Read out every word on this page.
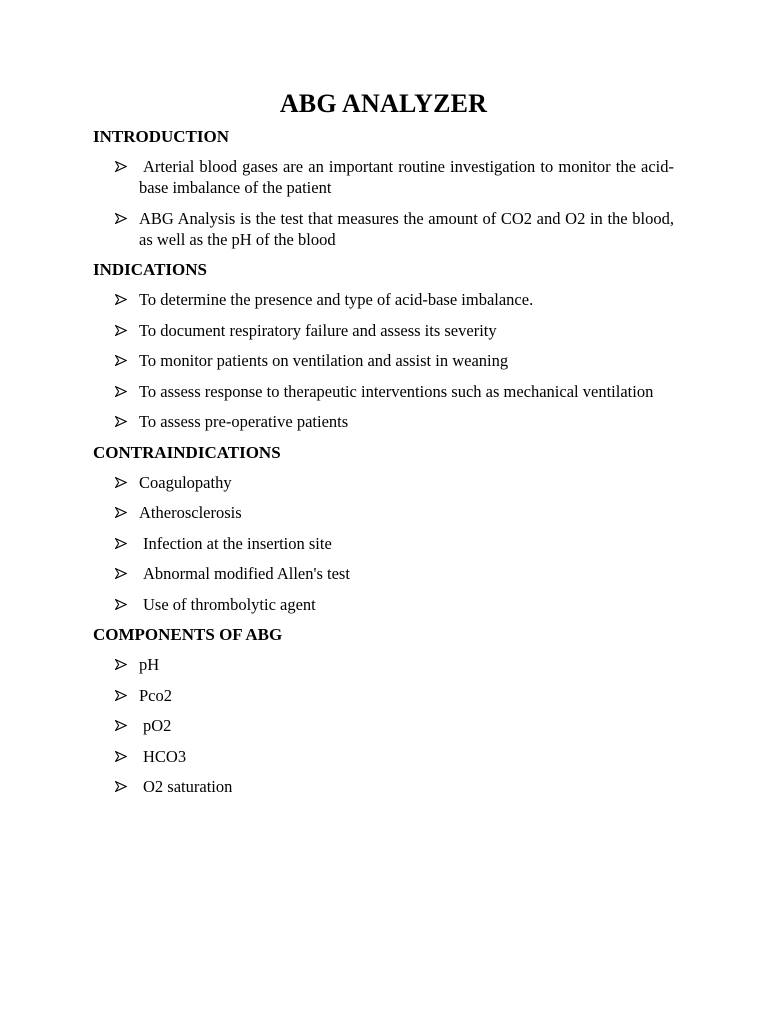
ABG ANALYZER
INTRODUCTION
Arterial blood gases are an important routine investigation to monitor the acid-base imbalance of the patient
ABG Analysis is the test that measures the amount of CO2 and O2 in the blood, as well as the pH of the blood
INDICATIONS
To determine the presence and type of acid-base imbalance.
To document respiratory failure and assess its severity
To monitor patients on ventilation and assist in weaning
To assess response to therapeutic interventions such as mechanical ventilation
To assess pre-operative patients
CONTRAINDICATIONS
Coagulopathy
Atherosclerosis
Infection at the insertion site
Abnormal modified Allen's test
Use of thrombolytic agent
COMPONENTS OF ABG
pH
Pco2
pO2
HCO3
O2 saturation
